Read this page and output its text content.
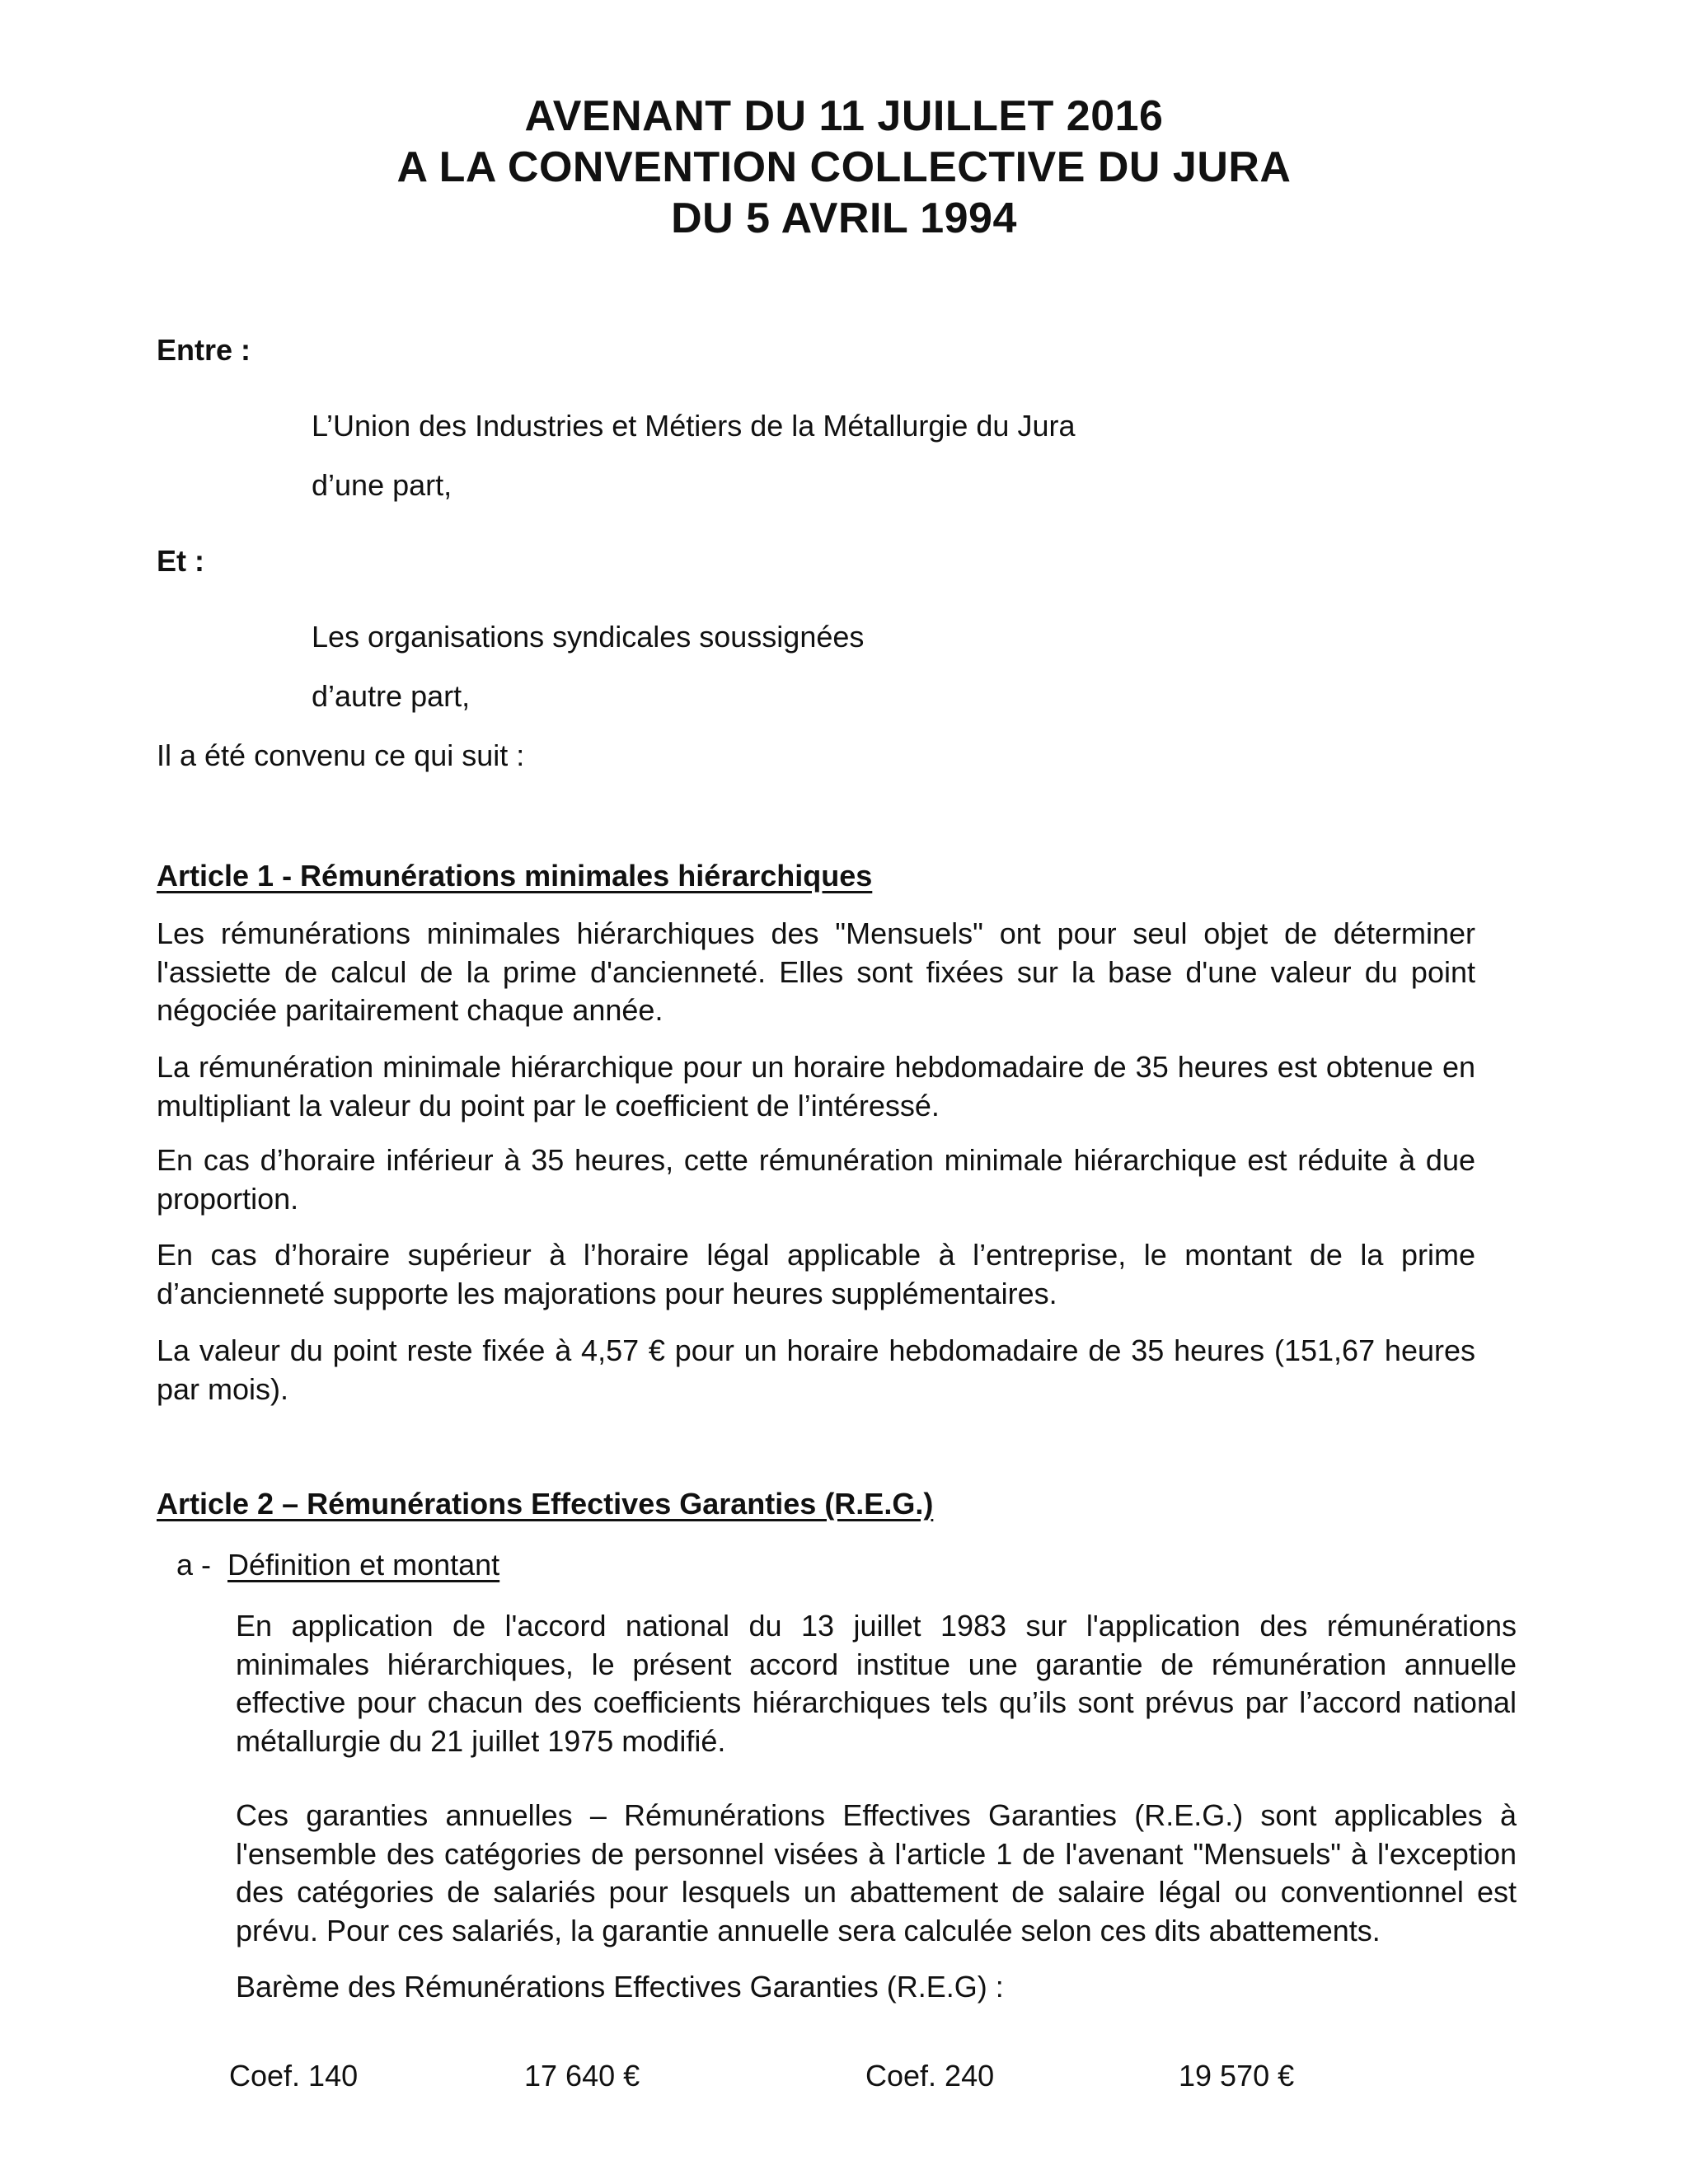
AVENANT DU 11 JUILLET 2016
A LA CONVENTION COLLECTIVE DU JURA
DU 5 AVRIL 1994
Entre :
L’Union des Industries et Métiers de la Métallurgie du Jura
d’une part,
Et :
Les organisations syndicales soussignées
d’autre part,
Il a été convenu ce qui suit :
Article 1 - Rémunérations minimales hiérarchiques
Les rémunérations minimales hiérarchiques des "Mensuels" ont pour seul objet de déterminer l'assiette de calcul de la prime d'ancienneté. Elles sont fixées sur la base d'une valeur du point négociée paritairement chaque année.
La rémunération minimale hiérarchique pour un horaire hebdomadaire de 35 heures est obtenue en multipliant la valeur du point par le coefficient de l’intéressé.
En cas d’horaire inférieur à 35 heures, cette rémunération minimale hiérarchique est réduite à due proportion.
En cas d’horaire supérieur à l’horaire légal applicable à l’entreprise, le montant de la prime d’ancienneté supporte les majorations pour heures supplémentaires.
La valeur du point reste fixée à 4,57 € pour un horaire hebdomadaire de 35 heures (151,67 heures par mois).
Article 2 – Rémunérations Effectives Garanties (R.E.G.)
a - Définition et montant
En application de l'accord national du 13 juillet 1983 sur l'application des rémunérations minimales hiérarchiques, le présent accord institue une garantie de rémunération annuelle effective pour chacun des coefficients hiérarchiques tels qu’ils sont prévus par l’accord national métallurgie du 21 juillet 1975 modifié.
Ces garanties annuelles – Rémunérations Effectives Garanties (R.E.G.) sont applicables à l'ensemble des catégories de personnel visées à l'article 1 de l'avenant "Mensuels" à l'exception des catégories de salariés pour lesquels un abattement de salaire légal ou conventionnel est prévu. Pour ces salariés, la garantie annuelle sera calculée selon ces dits abattements.
Barème des Rémunérations Effectives Garanties (R.E.G) :
Coef. 140	17 640 €	Coef. 240	19 570 €
